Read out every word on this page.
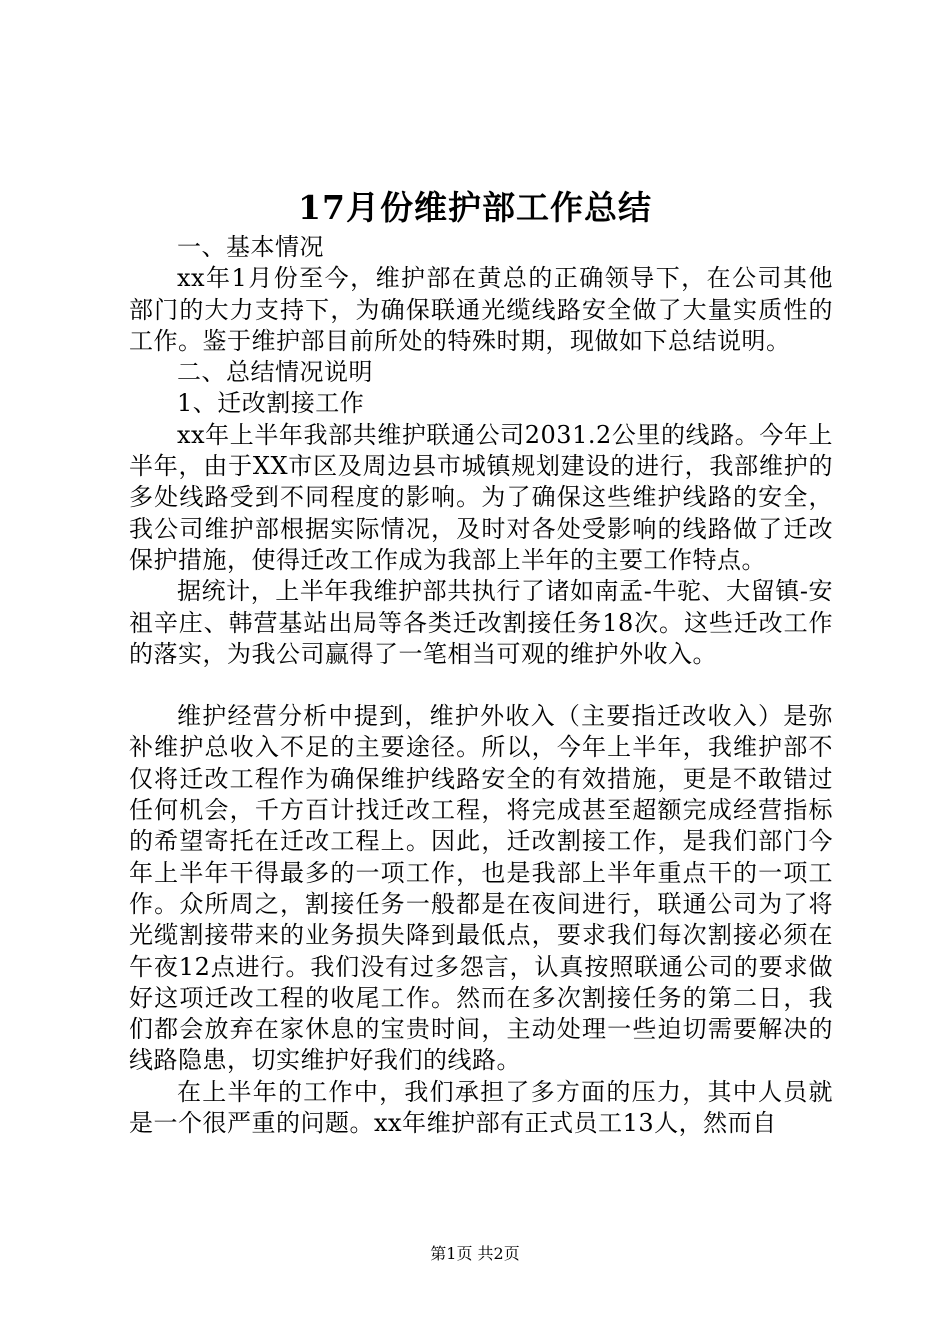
17月份维护部工作总结

一、基本情况

xx年1月份至今，维护部在黄总的正确领导下，在公司其他部门的大力支持下，为确保联通光缆线路安全做了大量实质性的工作。鉴于维护部目前所处的特殊时期，现做如下总结说明。

二、总结情况说明

1、迁改割接工作

xx年上半年我部共维护联通公司2031.2公里的线路。今年上半年，由于XX市区及周边县市城镇规划建设的进行，我部维护的多处线路受到不同程度的影响。为了确保这些维护线路的安全，我公司维护部根据实际情况，及时对各处受影响的线路做了迁改保护措施，使得迁改工作成为我部上半年的主要工作特点。

据统计，上半年我维护部共执行了诸如南孟-牛驼、大留镇-安祖辛庄、韩营基站出局等各类迁改割接任务18次。这些迁改工作的落实，为我公司赢得了一笔相当可观的维护外收入。

维护经营分析中提到，维护外收入（主要指迁改收入）是弥补维护总收入不足的主要途径。所以，今年上半年，我维护部不仅将迁改工程作为确保维护线路安全的有效措施，更是不敢错过任何机会，千方百计找迁改工程，将完成甚至超额完成经营指标的希望寄托在迁改工程上。因此，迁改割接工作，是我们部门今年上半年干得最多的一项工作，也是我部上半年重点干的一项工作。众所周之，割接任务一般都是在夜间进行，联通公司为了将光缆割接带来的业务损失降到最低点，要求我们每次割接必须在午夜12点进行。我们没有过多怨言，认真按照联通公司的要求做好这项迁改工程的收尾工作。然而在多次割接任务的第二日，我们都会放弃在家休息的宝贵时间，主动处理一些迫切需要解决的线路隐患，切实维护好我们的线路。

在上半年的工作中，我们承担了多方面的压力，其中人员就是一个很严重的问题。xx年维护部有正式员工13人，然而自

第1页 共2页
